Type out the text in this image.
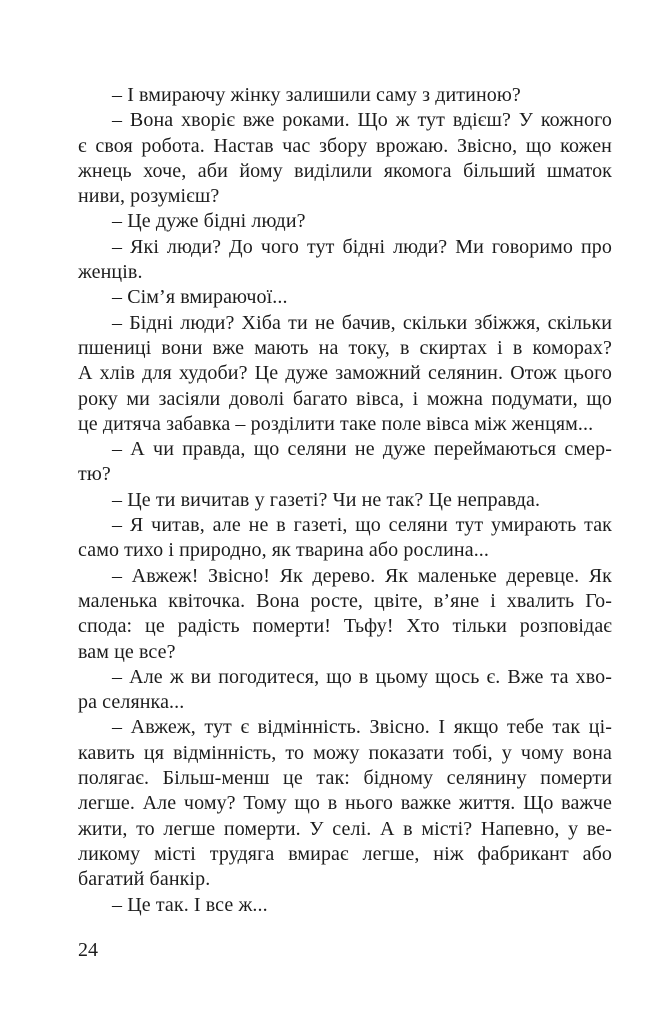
– І вмираючу жінку залишили саму з дитиною?
– Вона хворіє вже роками. Що ж тут вдієш? У кожного
є своя робота. Настав час збору врожаю. Звісно, що кожен
жнець хоче, аби йому виділили якомога більший шматок
ниви, розумієш?
– Це дуже бідні люди?
– Які люди? До чого тут бідні люди? Ми говоримо про
женців.
– Сім’я вмираючої...
– Бідні люди? Хіба ти не бачив, скільки збіжжя, скільки
пшениці вони вже мають на току, в скиртах і в коморах?
А хлів для худоби? Це дуже заможний селянин. Отож цього
року ми засіяли доволі багато вівса, і можна подумати, що
це дитяча забавка – розділити таке поле вівса між женцям...
– А чи правда, що селяни не дуже переймаються смер-
тю?
– Це ти вичитав у газеті? Чи не так? Це неправда.
– Я читав, але не в газеті, що селяни тут умирають так
само тихо і природно, як тварина або рослина...
– Авжеж! Звісно! Як дерево. Як маленьке деревце. Як
маленька квіточка. Вона росте, цвіте, в’яне і хвалить Го-
спода: це радість померти! Тьфу! Хто тільки розповідає
вам це все?
– Але ж ви погодитеся, що в цьому щось є. Вже та хво-
ра селянка...
– Авжеж, тут є відмінність. Звісно. І якщо тебе так ці-
кавить ця відмінність, то можу показати тобі, у чому вона
полягає. Більш-менш це так: бідному селянину померти
легше. Але чому? Тому що в нього важке життя. Що важче
жити, то легше померти. У селі. А в місті? Напевно, у ве-
ликому місті трудяга вмирає легше, ніж фабрикант або
багатий банкір.
– Це так. І все ж...
24
